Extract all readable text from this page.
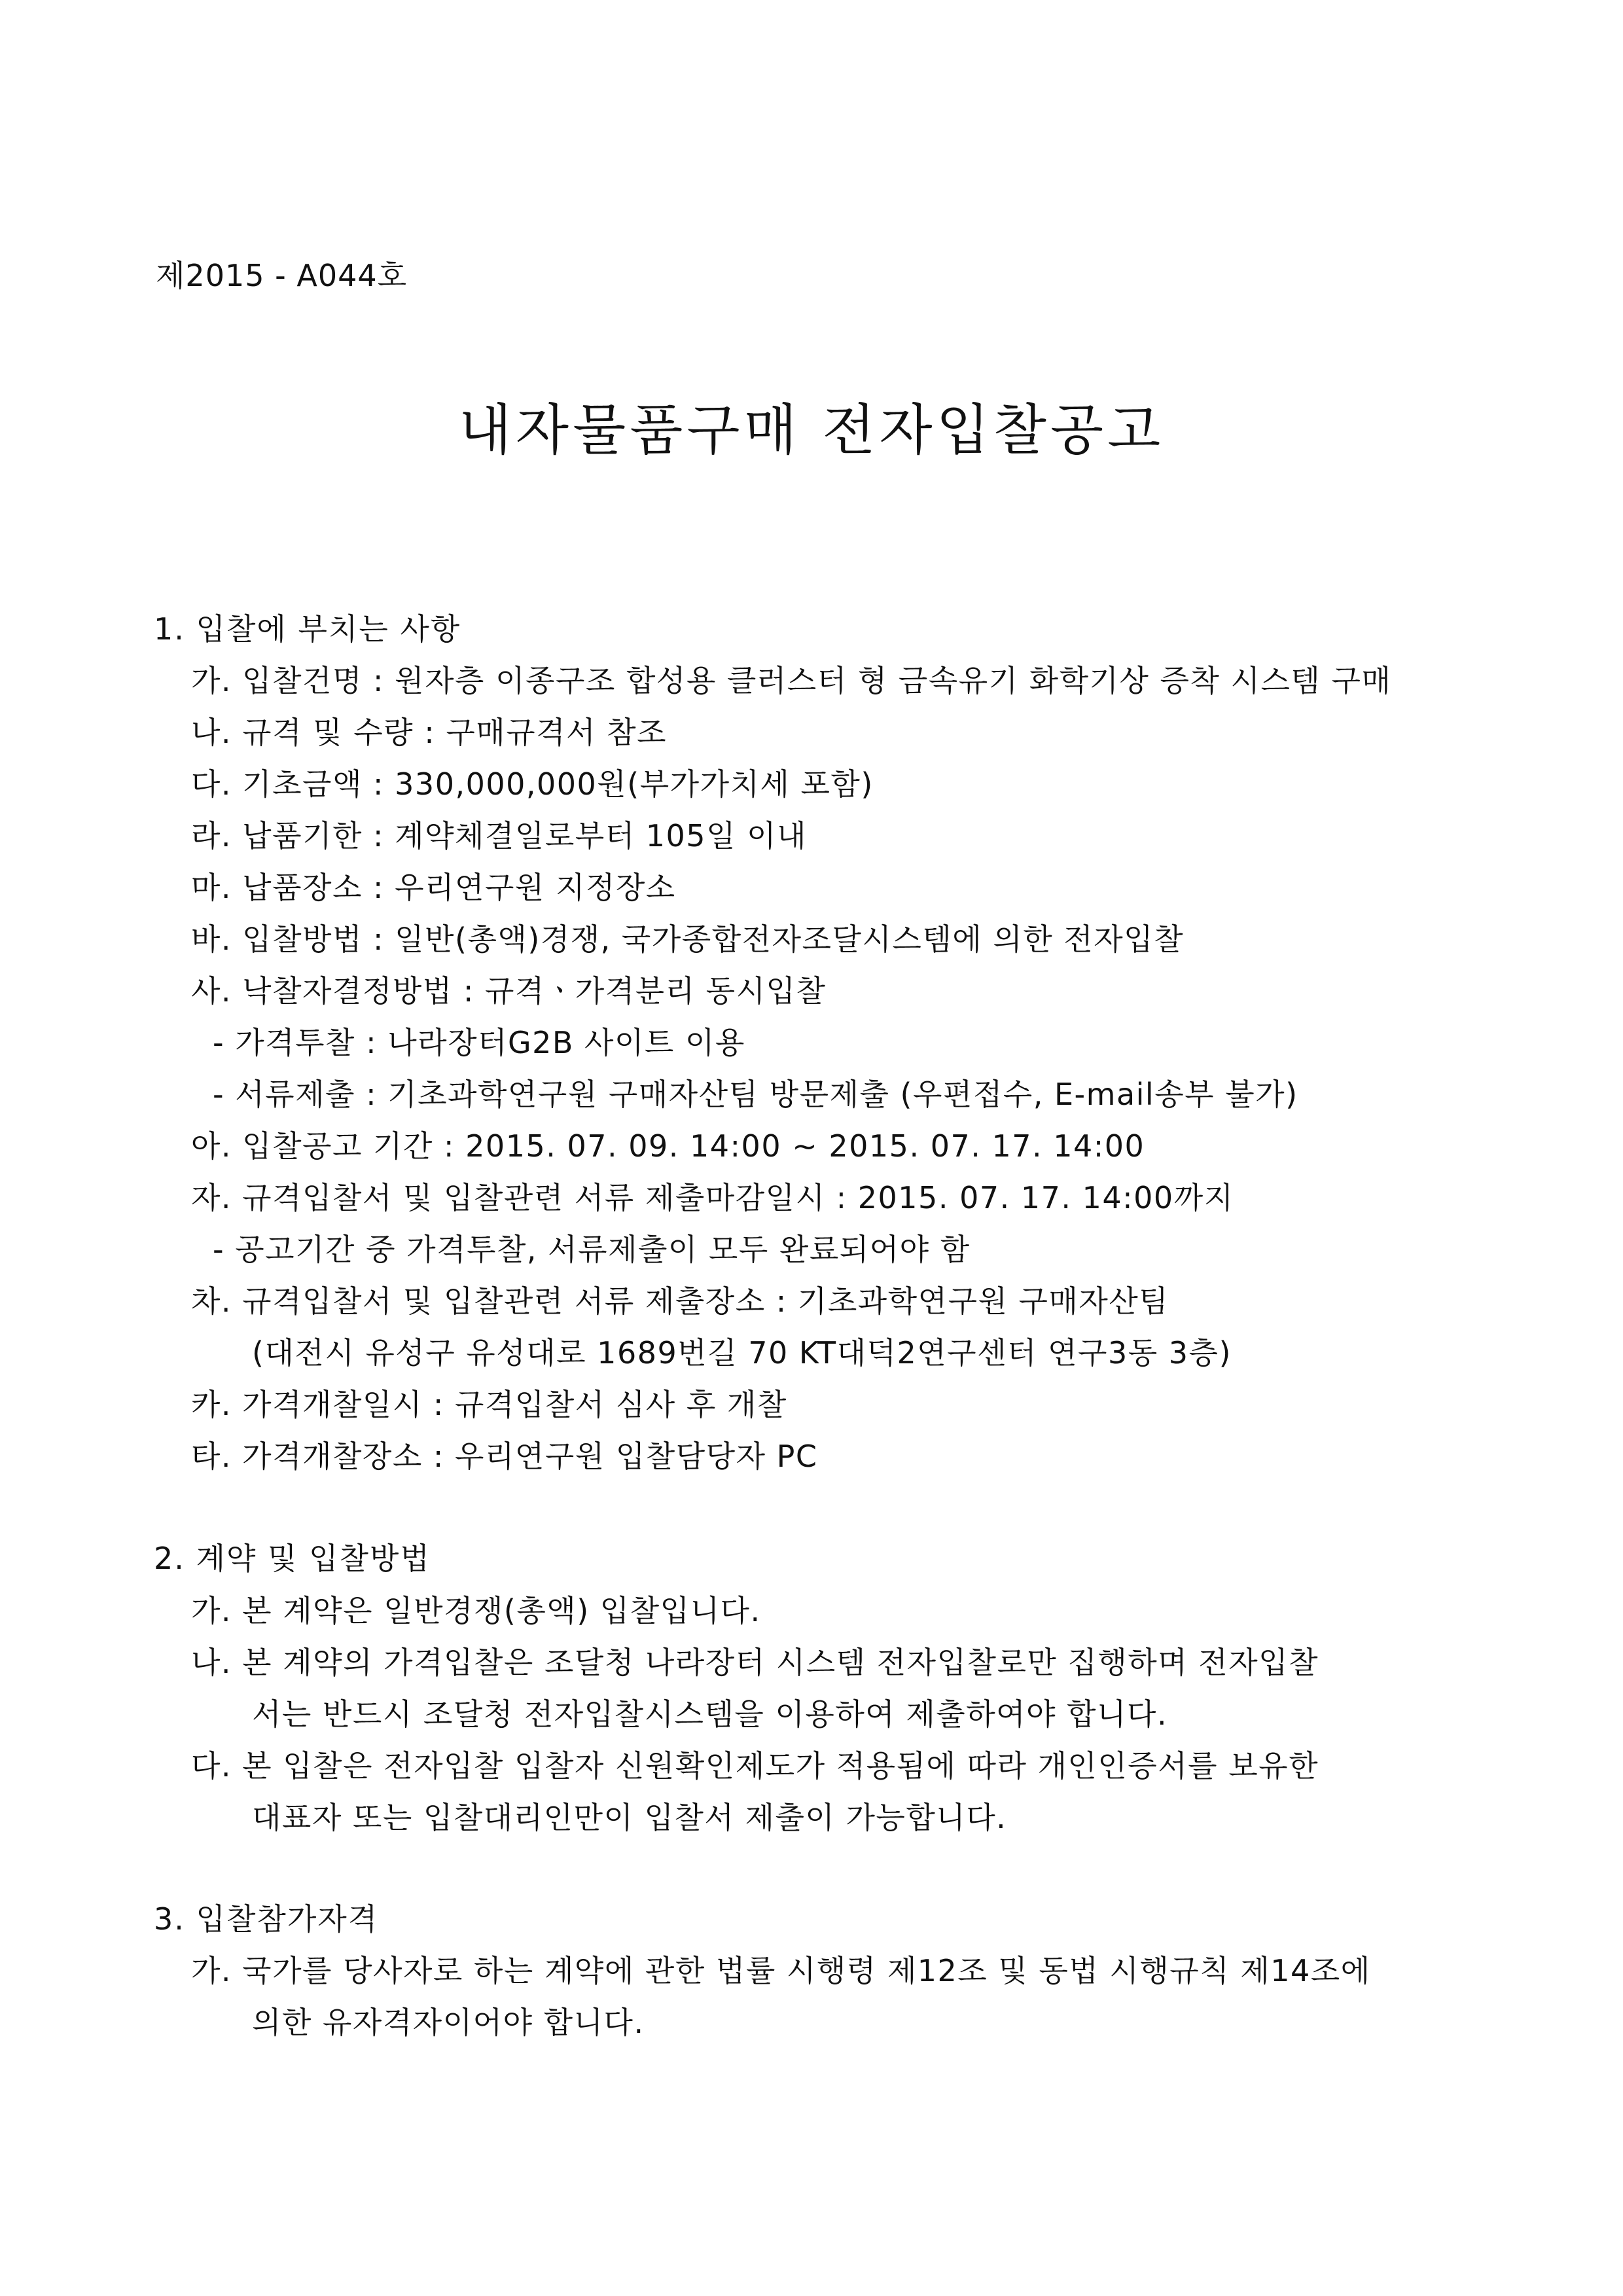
제2015 - A044호
내자물품구매 전자입찰공고
1. 입찰에 부치는 사항
가. 입찰건명 : 원자층 이종구조 합성용 클러스터 형 금속유기 화학기상 증착 시스템 구매
나. 규격 및 수량 : 구매규격서 참조
다. 기초금액 : 330,000,000원(부가가치세 포함)
라. 납품기한 : 계약체결일로부터 105일 이내
마. 납품장소 : 우리연구원 지정장소
바. 입찰방법 : 일반(총액)경쟁, 국가종합전자조달시스템에 의한 전자입찰
사. 낙찰자결정방법 : 규격ㆍ가격분리 동시입찰
- 가격투찰 : 나라장터G2B 사이트 이용
- 서류제출 : 기초과학연구원 구매자산팀 방문제출 (우편접수, E-mail송부 불가)
아. 입찰공고 기간 : 2015. 07. 09. 14:00 ~ 2015. 07. 17. 14:00
자. 규격입찰서 및 입찰관련 서류 제출마감일시 : 2015. 07. 17. 14:00까지
- 공고기간 중 가격투찰, 서류제출이 모두 완료되어야 함
차. 규격입찰서 및 입찰관련 서류 제출장소 : 기초과학연구원 구매자산팀
(대전시 유성구 유성대로 1689번길 70 KT대덕2연구센터 연구3동 3층)
카. 가격개찰일시 : 규격입찰서 심사 후 개찰
타. 가격개찰장소 : 우리연구원 입찰담당자 PC
2. 계약 및 입찰방법
가. 본 계약은 일반경쟁(총액) 입찰입니다.
나. 본 계약의 가격입찰은 조달청 나라장터 시스템 전자입찰로만 집행하며 전자입찰
서는 반드시 조달청 전자입찰시스템을 이용하여 제출하여야 합니다.
다. 본 입찰은 전자입찰 입찰자 신원확인제도가 적용됨에 따라 개인인증서를 보유한
대표자 또는 입찰대리인만이 입찰서 제출이 가능합니다.
3. 입찰참가자격
가. 국가를 당사자로 하는 계약에 관한 법률 시행령 제12조 및 동법 시행규칙 제14조에
의한 유자격자이어야 합니다.
